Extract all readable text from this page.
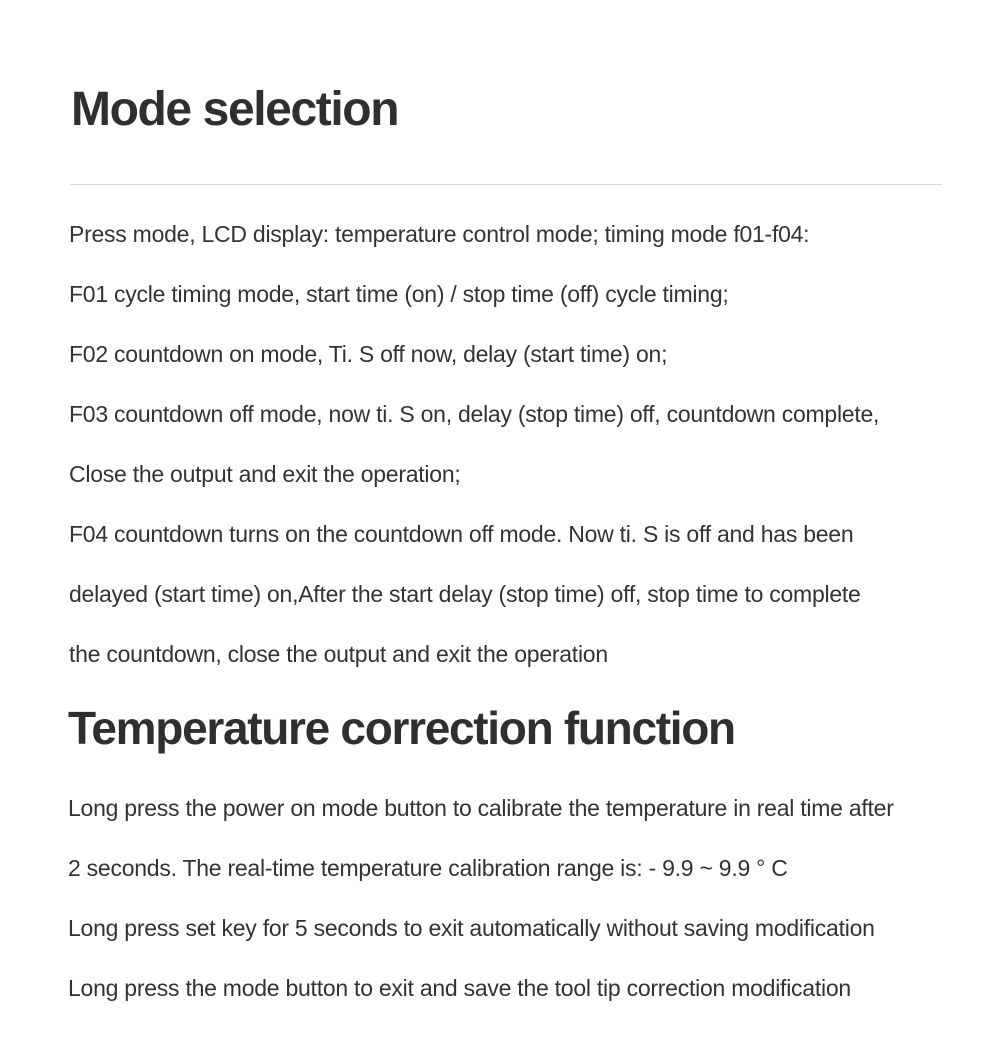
Mode selection

Press mode, LCD display: temperature control mode; timing mode f01-f04:

F01 cycle timing mode, start time (on) / stop time (off) cycle timing;

F02 countdown on mode, Ti. S off now, delay (start time) on;

F03 countdown off mode, now ti. S on, delay (stop time) off, countdown complete,

Close the output and exit the operation;

F04 countdown turns on the countdown off mode. Now ti. S is off and has been

delayed (start time) on,After the start delay (stop time) off, stop time to complete

the countdown, close the output and exit the operation

Temperature correction function

Long press the power on mode button to calibrate the temperature in real time after

2 seconds. The real-time temperature calibration range is: - 9.9 ~ 9.9 ° C

Long press set key for 5 seconds to exit automatically without saving modification

Long press the mode button to exit and save the tool tip correction modification
